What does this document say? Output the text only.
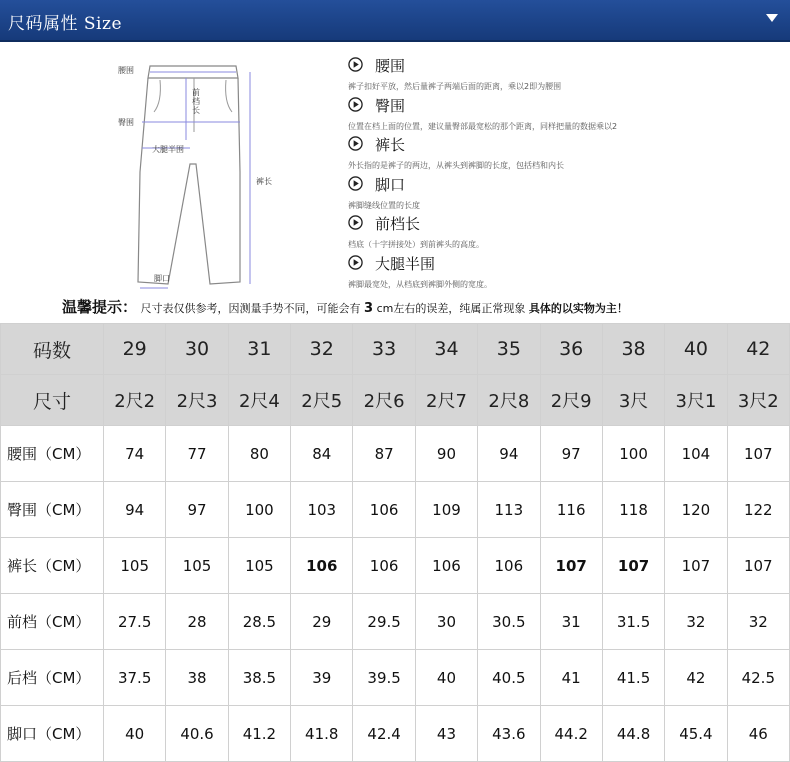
尺码属性 Size
腰围
前档长
臀围
大腿半围
裤长
脚口
腰围
裤子扣好平放，然后量裤子两端后面的距离，乘以2即为腰围
臀围
位置在档上面的位置，建议量臀部最宽松的那个距离，同样把量的数据乘以2
裤长
外长指的是裤子的两边，从裤头到裤脚的长度，包括档和内长
脚口
裤脚缝线位置的长度
前档长
档底（十字拼接处）到前裤头的高度。
大腿半围
裤脚最宽处，从档底到裤脚外侧的宽度。
温馨提示： 尺寸表仅供参考，因测量手势不同，可能会有 3 cm左右的误差，纯属正常现象 具体的以实物为主！
码数	29	30	31	32	33	34	35	36	38	40	42
尺寸	2尺2	2尺3	2尺4	2尺5	2尺6	2尺7	2尺8	2尺9	3尺	3尺1	3尺2
腰围（CM）	74	77	80	84	87	90	94	97	100	104	107
臀围（CM）	94	97	100	103	106	109	113	116	118	120	122
裤长（CM）	105	105	105	106	106	106	106	107	107	107	107
前档（CM）	27.5	28	28.5	29	29.5	30	30.5	31	31.5	32	32
后档（CM）	37.5	38	38.5	39	39.5	40	40.5	41	41.5	42	42.5
脚口（CM）	40	40.6	41.2	41.8	42.4	43	43.6	44.2	44.8	45.4	46
